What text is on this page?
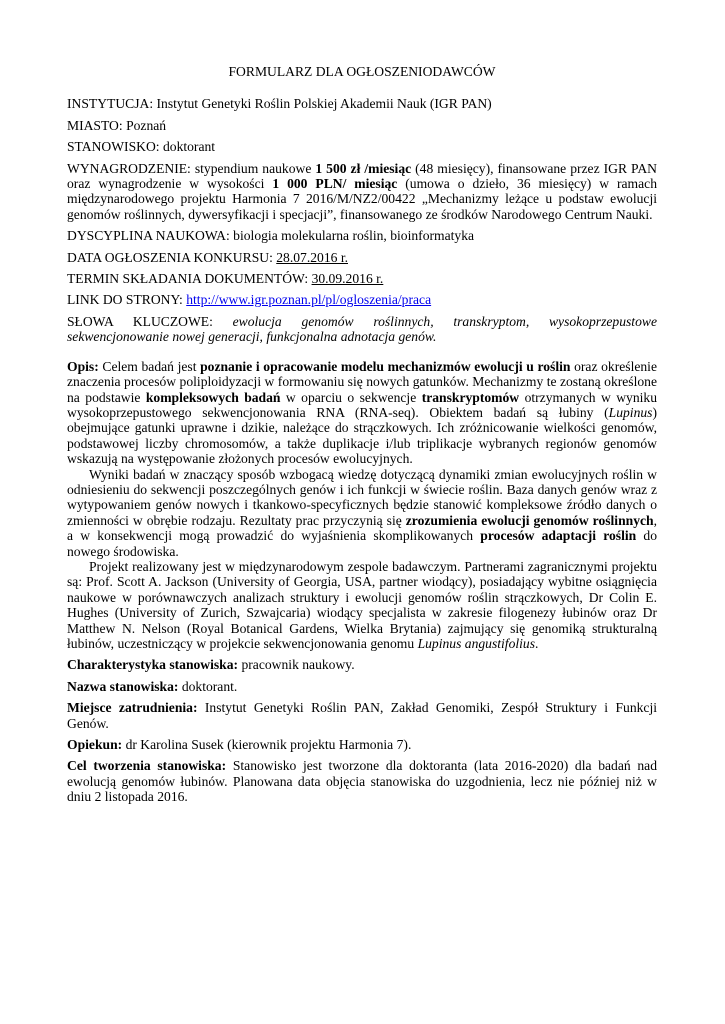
FORMULARZ DLA OGŁOSZENIODAWCÓW

INSTYTUCJA: Instytut Genetyki Roślin Polskiej Akademii Nauk (IGR PAN)

MIASTO: Poznań

STANOWISKO: doktorant

WYNAGRODZENIE: stypendium naukowe 1 500 zł /miesiąc (48 miesięcy), finansowane przez IGR PAN oraz wynagrodzenie w wysokości 1 000 PLN/ miesiąc (umowa o dzieło, 36 miesięcy) w ramach międzynarodowego projektu Harmonia 7 2016/M/NZ2/00422 „Mechanizmy leżące u podstaw ewolucji genomów roślinnych, dywersyfikacji i specjacji”, finansowanego ze środków Narodowego Centrum Nauki.

DYSCYPLINA NAUKOWA: biologia molekularna roślin, bioinformatyka

DATA OGŁOSZENIA KONKURSU: 28.07.2016 r.

TERMIN SKŁADANIA DOKUMENTÓW: 30.09.2016 r.

LINK DO STRONY: http://www.igr.poznan.pl/pl/ogloszenia/praca

SŁOWA KLUCZOWE: ewolucja genomów roślinnych, transkryptom, wysokoprzepustowe sekwencjonowanie nowej generacji, funkcjonalna adnotacja genów.

Opis: Celem badań jest poznanie i opracowanie modelu mechanizmów ewolucji u roślin oraz określenie znaczenia procesów poliploidyzacji w formowaniu się nowych gatunków. Mechanizmy te zostaną określone na podstawie kompleksowych badań w oparciu o sekwencje transkryptomów otrzymanych w wyniku wysokoprzepustowego sekwencjonowania RNA (RNA-seq). Obiektem badań są łubiny (Lupinus) obejmujące gatunki uprawne i dzikie, należące do strączkowych. Ich zróżnicowanie wielkości genomów, podstawowej liczby chromosomów, a także duplikacje i/lub triplikacje wybranych regionów genomów wskazują na występowanie złożonych procesów ewolucyjnych.

Wyniki badań w znaczący sposób wzbogacą wiedzę dotyczącą dynamiki zmian ewolucyjnych roślin w odniesieniu do sekwencji poszczególnych genów i ich funkcji w świecie roślin. Baza danych genów wraz z wytypowaniem genów nowych i tkankowo-specyficznych będzie stanowić kompleksowe źródło danych o zmienności w obrębie rodzaju. Rezultaty prac przyczynią się zrozumienia ewolucji genomów roślinnych, a w konsekwencji mogą prowadzić do wyjaśnienia skomplikowanych procesów adaptacji roślin do nowego środowiska.

Projekt realizowany jest w międzynarodowym zespole badawczym. Partnerami zagranicznymi projektu są: Prof. Scott A. Jackson (University of Georgia, USA, partner wiodący), posiadający wybitne osiągnięcia naukowe w porównawczych analizach struktury i ewolucji genomów roślin strączkowych, Dr Colin E. Hughes (University of Zurich, Szwajcaria) wiodący specjalista w zakresie filogenezy łubinów oraz Dr Matthew N. Nelson (Royal Botanical Gardens, Wielka Brytania) zajmujący się genomiką strukturalną łubinów, uczestniczący w projekcie sekwencjonowania genomu Lupinus angustifolius.

Charakterystyka stanowiska: pracownik naukowy.

Nazwa stanowiska: doktorant.

Miejsce zatrudnienia: Instytut Genetyki Roślin PAN, Zakład Genomiki, Zespół Struktury i Funkcji Genów.

Opiekun: dr Karolina Susek (kierownik projektu Harmonia 7).

Cel tworzenia stanowiska: Stanowisko jest tworzone dla doktoranta (lata 2016-2020) dla badań nad ewolucją genomów łubinów. Planowana data objęcia stanowiska do uzgodnienia, lecz nie później niż w dniu 2 listopada 2016.
